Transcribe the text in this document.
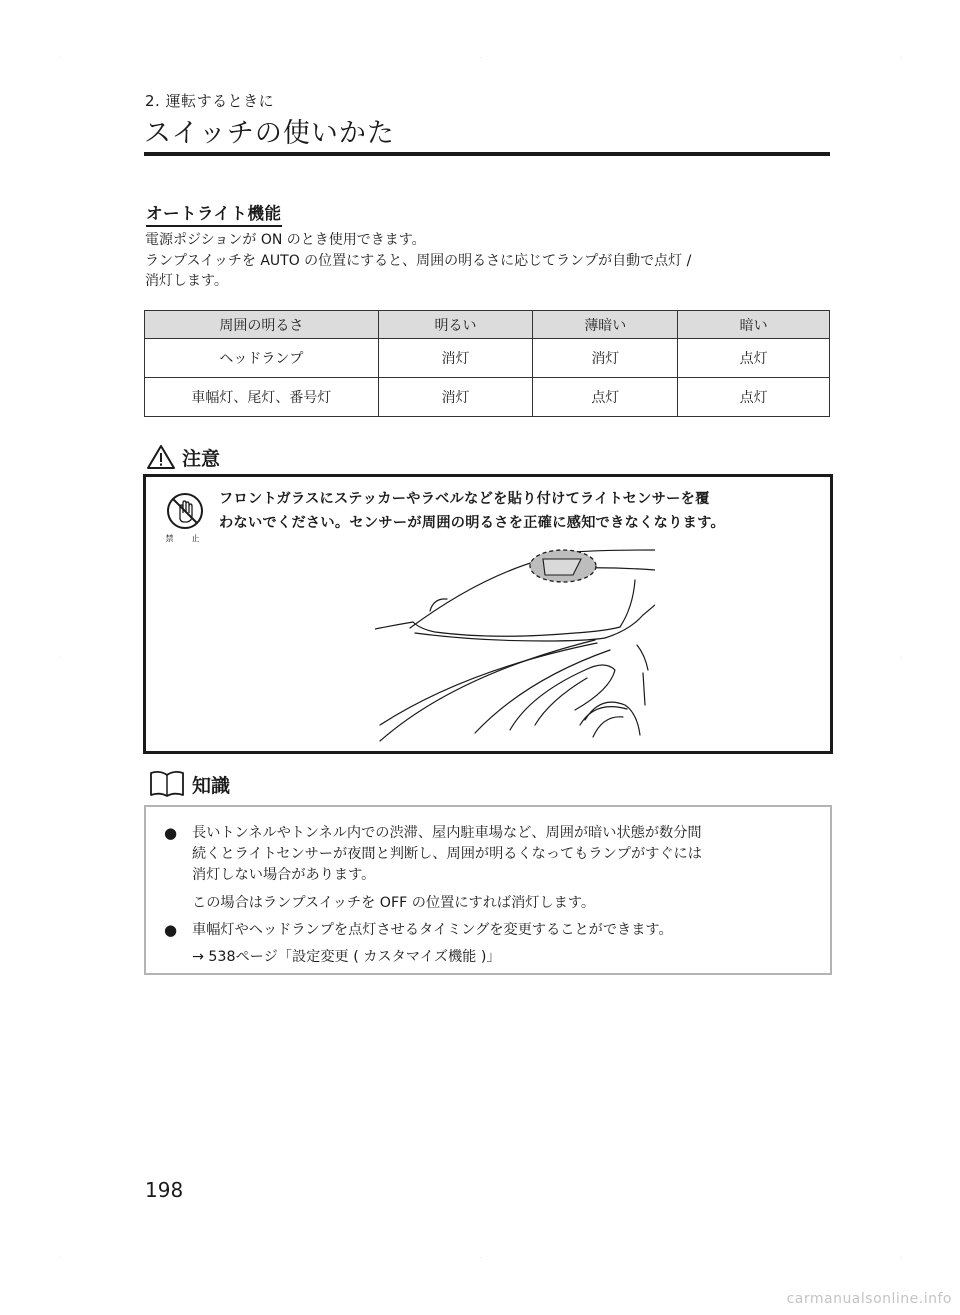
·	·	·
·	·
·	·	·
2. 運転するときに
スイッチの使いかた
オートライト機能

電源ポジションが ON のとき使用できます。

ランプスイッチを AUTO の位置にすると、周囲の明るさに応じてランプが自動で点灯 /

消灯します。

周囲の明るさ	明るい	薄暗い	暗い
ヘッドランプ	消灯	消灯	点灯
車幅灯、尾灯、番号灯	消灯	点灯	点灯
注意
禁　止

フロントガラスにステッカーやラベルなどを貼り付けてライトセンサーを覆

わないでください。センサーが周囲の明るさを正確に感知できなくなります。

知識
● 長いトンネルやトンネル内での渋滞、屋内駐車場など、周囲が暗い状態が数分間

続くとライトセンサーが夜間と判断し、周囲が明るくなってもランプがすぐには

消灯しない場合があります。

この場合はランプスイッチを OFF の位置にすれば消灯します。

● 車幅灯やヘッドランプを点灯させるタイミングを変更することができます。

→ 538ページ「設定変更 ( カスタマイズ機能 )」

198
carmanualsonline.info
